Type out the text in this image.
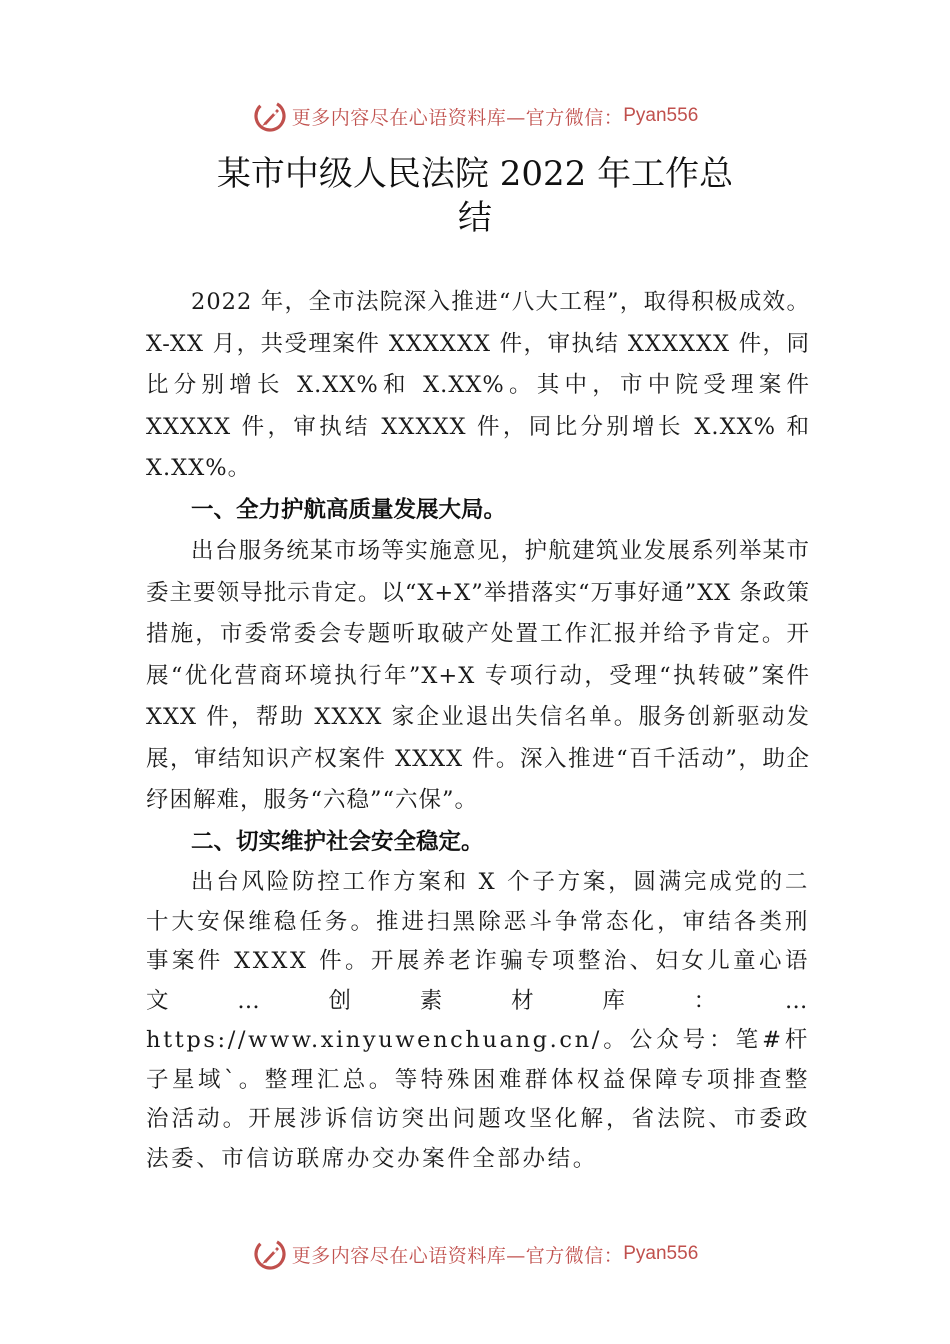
更多内容尽在心语资料库—官方微信： Pyan556
某市中级人民法院 2022 年工作总
结

2022 年，全市法院深入推进“八大工程”，取得积极成效。X-XX 月，共受理案件 XXXXXX 件，审执结 XXXXXX 件，同比分别增长 X.XX%和 X.XX%。其中，市中院受理案件 XXXXX 件，审执结 XXXXX 件，同比分别增长 X.XX% 和 X.XX%。

一、全力护航高质量发展大局。

出台服务统某市场等实施意见，护航建筑业发展系列举某市委主要领导批示肯定。以“X+X”举措落实“万事好通”XX 条政策措施，市委常委会专题听取破产处置工作汇报并给予肯定。开展“优化营商环境执行年”X+X 专项行动，受理“执转破”案件 XXX 件，帮助 XXXX 家企业退出失信名单。服务创新驱动发展，审结知识产权案件 XXXX 件。深入推进“百千活动”，助企纾困解难，服务“六稳”“六保”。

二、切实维护社会安全稳定。

出台风险防控工作方案和 X 个子方案，圆满完成党的二十大安保维稳任务。推进扫黑除恶斗争常态化，审结各类刑事案件 XXXX 件。开展养老诈骗专项整治、妇女儿童心语文…创素材库：…https://www.xinyuwenchuang.cn/。公众号：笔#杆子星域`。整理汇总。等特殊困难群体权益保障专项排查整治活动。开展涉诉信访突出问题攻坚化解，省法院、市委政法委、市信访联席办交办案件全部办结。

更多内容尽在心语资料库—官方微信： Pyan556
